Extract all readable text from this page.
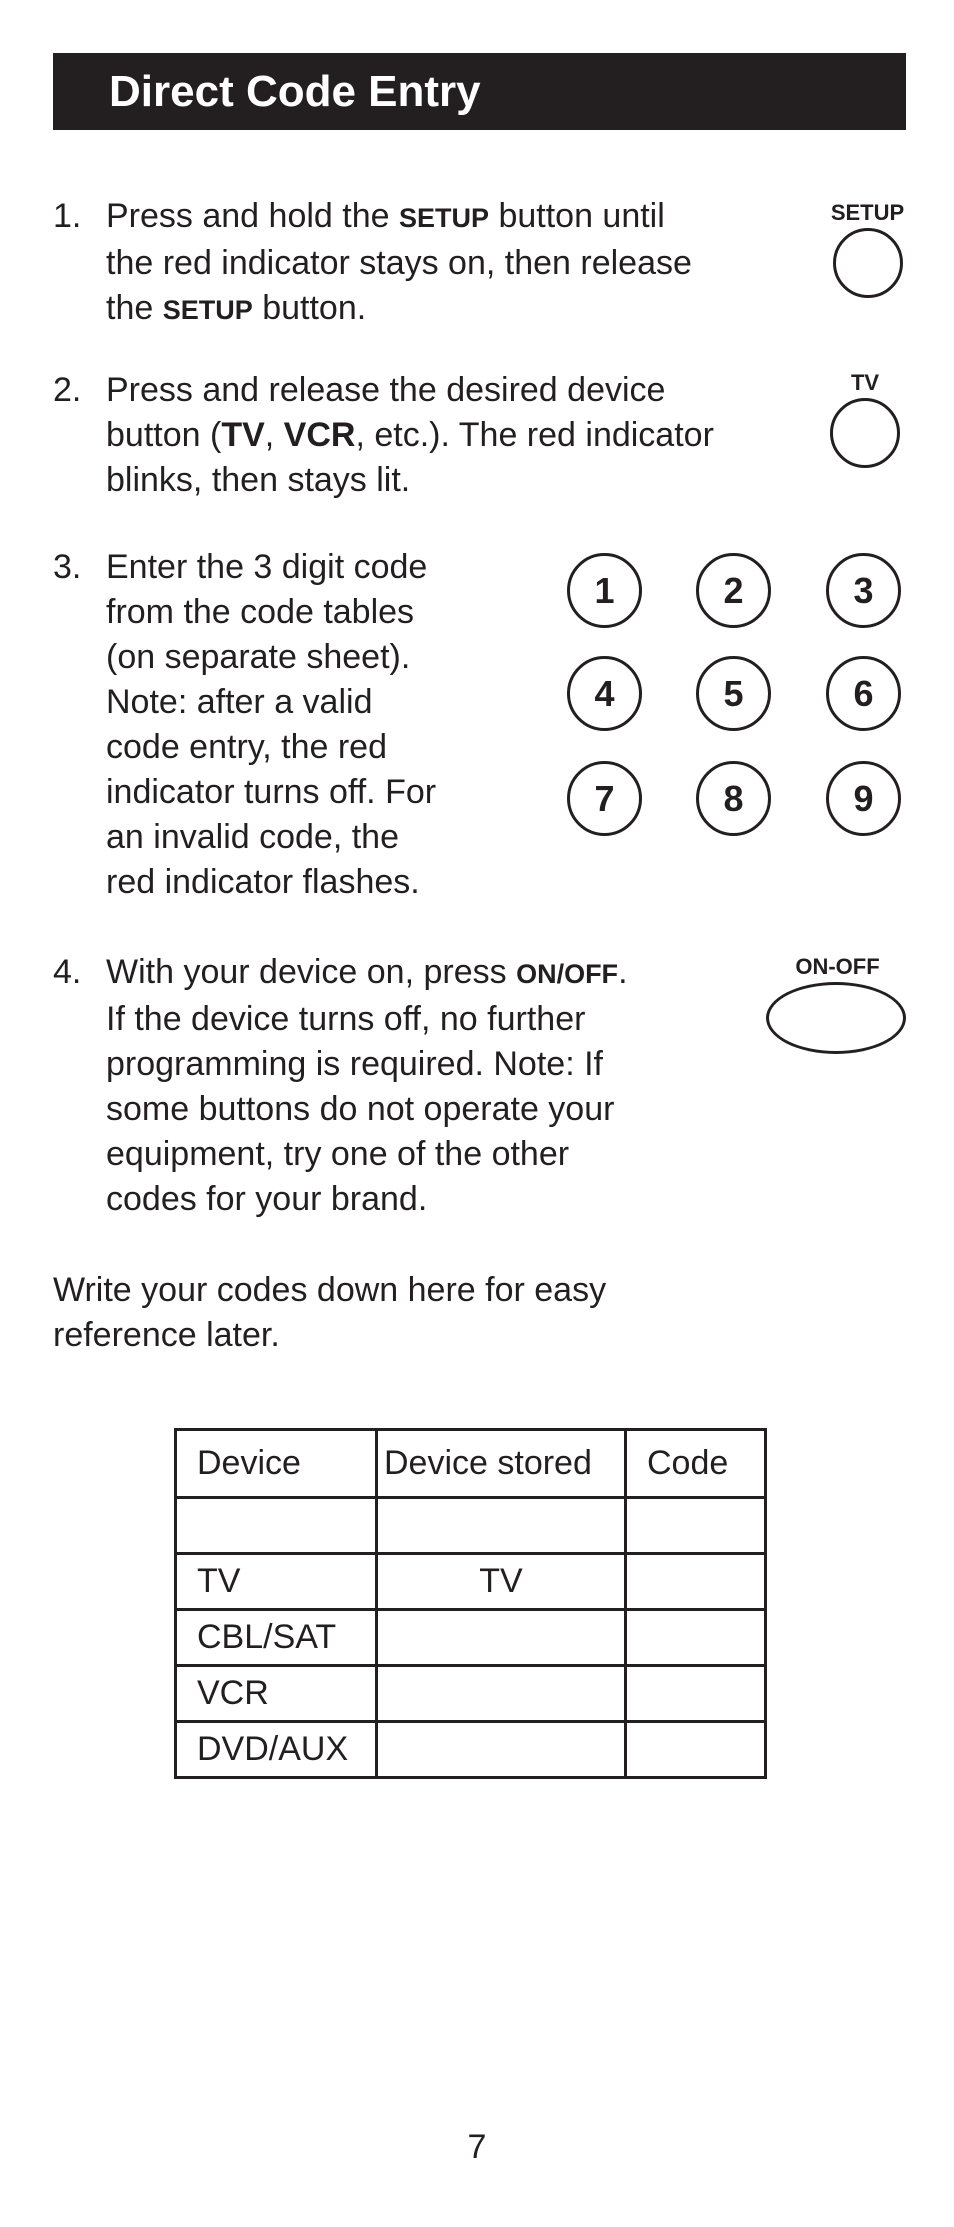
Direct Code Entry
1. Press and hold the SETUP button until
the red indicator stays on, then release
the SETUP button.
SETUP
2. Press and release the desired device
button (TV, VCR, etc.). The red indicator
blinks, then stays lit.
TV
3. Enter the 3 digit code
from the code tables
(on separate sheet).
Note: after a valid
code entry, the red
indicator turns off. For
an invalid code, the
red indicator flashes.
1	2	3
4	5	6
7	8	9
4. With your device on, press ON/OFF.
If the device turns off, no further
programming is required. Note: If
some buttons do not operate your
equipment, try one of the other
codes for your brand.
ON-OFF
Write your codes down here for easy
reference later.
Device	Device stored	Code

TV	TV	
CBL/SAT		
VCR		
DVD/AUX		
7
